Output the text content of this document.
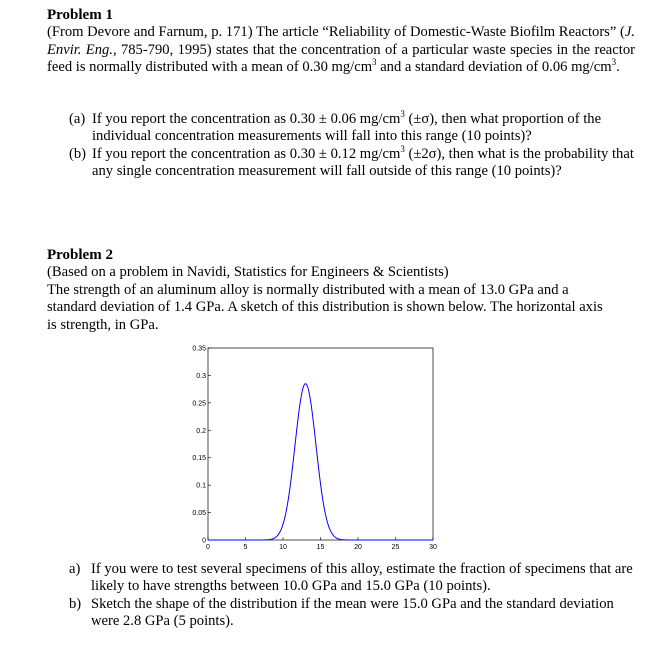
Problem 1
(From Devore and Farnum, p. 171) The article “Reliability of Domestic-Waste Biofilm Reactors” (J. Envir. Eng., 785-790, 1995) states that the concentration of a particular waste species in the reactor feed is normally distributed with a mean of 0.30 $mg/cm^3$ and a standard deviation of 0.06 $mg/cm^3$.
(a) If you report the concentration as 0.30 ± 0.06 $mg/cm^3$ (±σ), then what proportion of the individual concentration measurements will fall into this range (10 points)?
(b) If you report the concentration as 0.30 ± 0.12 $mg/cm^3$ (±2σ), then what is the probability that any single concentration measurement will fall outside of this range (10 points)?
Problem 2
(Based on a problem in Navidi, Statistics for Engineers & Scientists)
The strength of an aluminum alloy is normally distributed with a mean of 13.0 GPa and a
standard deviation of 1.4 GPa. A sketch of this distribution is shown below. The horizontal axis
is strength, in GPa.
0
0.05
0.1
0.15
0.2
0.25
0.3
0.35
0	5	10	15	20	25	30
a) If you were to test several specimens of this alloy, estimate the fraction of specimens that are likely to have strengths between 10.0 GPa and 15.0 GPa (10 points).
b) Sketch the shape of the distribution if the mean were 15.0 GPa and the standard deviation were 2.8 GPa (5 points).
